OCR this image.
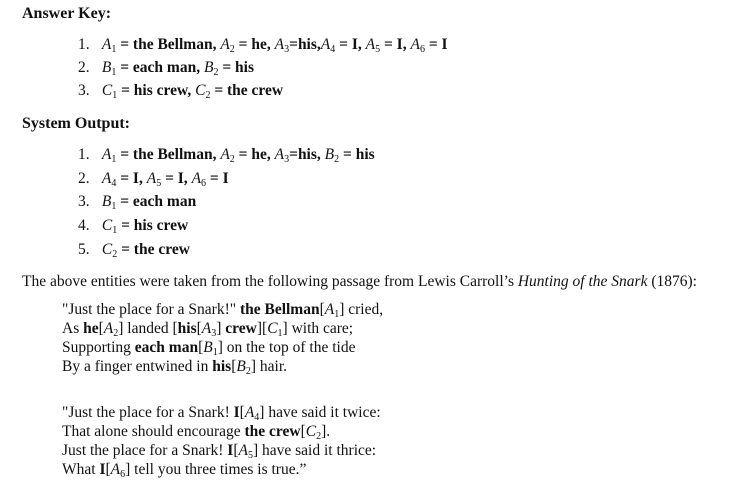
Answer Key:
1. $A_1$ = the Bellman, $A_2$ = he, $A_3=his,A_4 = I$, $A_5 = I$, $A_6 = I$
2. $B_1$ = each man, $B_2$ = his
3. $C_1$ = his crew, $C_2$ = the crew
System Output:
1. $A_1$ = the Bellman, $A_2$ = he, $A_3=his$, $B_2$ = his
2. $A_4 = I$, $A_5 = I$, $A_6 = I$
3. $B_1$ = each man
4. $C_1$ = his crew
5. $C_2$ = the crew
The above entities were taken from the following passage from Lewis Carroll’s Hunting of the Snark (1876):
"Just the place for a Snark!" the $Bellman[A_1]$ cried,
As $he[A_2]$ landed [$his[A_3]$ $crew][C_1]$ with care;
Supporting each $man[B_1]$ on the top of the tide
By a finger entwined in $his[B_2]$ hair.
"Just the place for a Snark! $I[A_4]$ have said it twice:
That alone should encourage the $crew[C_2]$.
Just the place for a Snark! $I[A_5]$ have said it thrice:
What $I[A_6]$ tell you three times is true.”
